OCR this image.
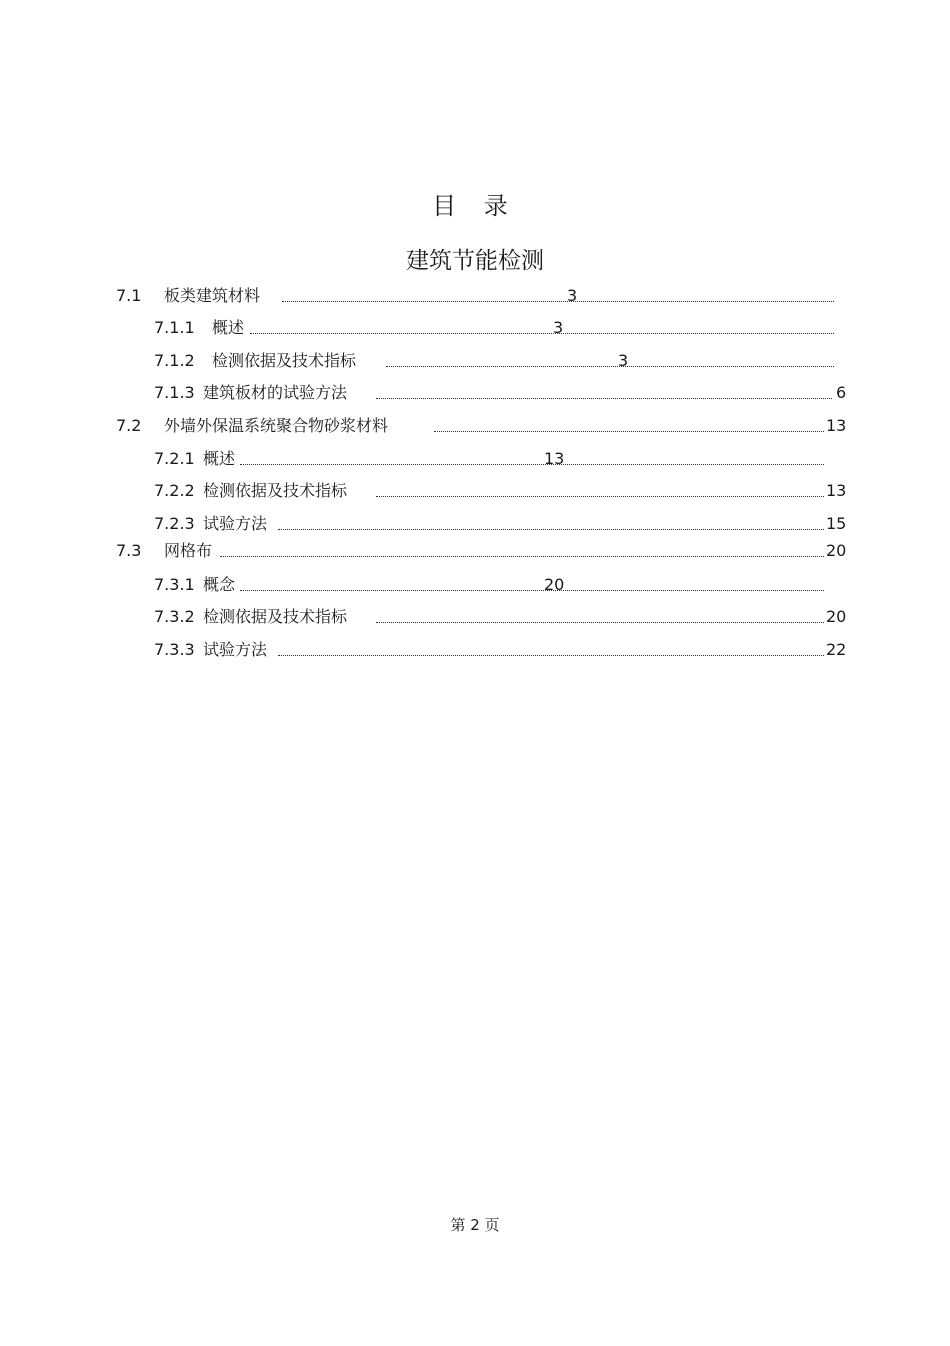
目 录
建筑节能检测
7.1 板类建筑材料	3
7.1.1 概述	3
7.1.2 检测依据及技术指标	3
7.1.3 建筑板材的试验方法	6
7.2 外墙外保温系统聚合物砂浆材料	13
7.2.1 概述	13
7.2.2 检测依据及技术指标	13
7.2.3 试验方法	15
7.3 网格布	20
7.3.1 概念	20
7.3.2 检测依据及技术指标	20
7.3.3 试验方法	22
第 2 页
